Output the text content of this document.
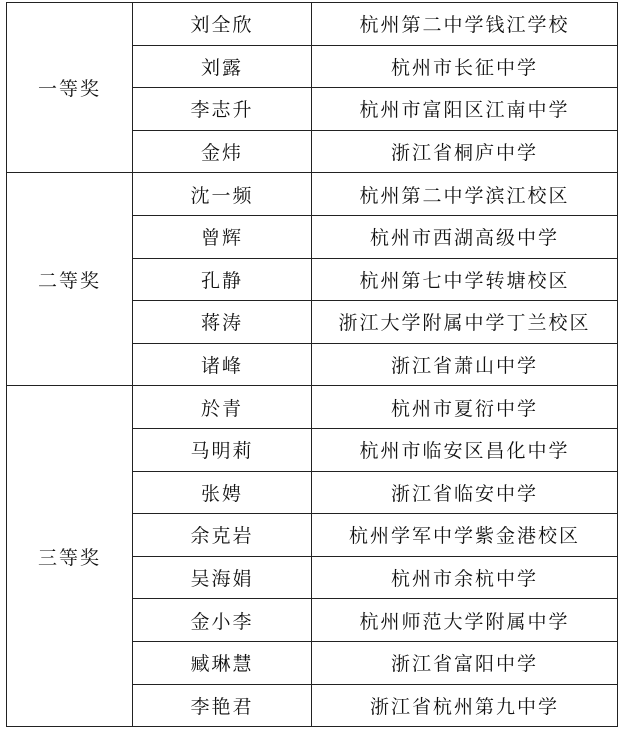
一等奖	刘全欣	杭州第二中学钱江学校
	刘露	杭州市长征中学
	李志升	杭州市富阳区江南中学
	金炜	浙江省桐庐中学
二等奖	沈一频	杭州第二中学滨江校区
	曾辉	杭州市西湖高级中学
	孔静	杭州第七中学转塘校区
	蒋涛	浙江大学附属中学丁兰校区
	诸峰	浙江省萧山中学
三等奖	於青	杭州市夏衍中学
	马明莉	杭州市临安区昌化中学
	张娉	浙江省临安中学
	余克岩	杭州学军中学紫金港校区
	吴海娟	杭州市余杭中学
	金小李	杭州师范大学附属中学
	臧琳慧	浙江省富阳中学
	李艳君	浙江省杭州第九中学
